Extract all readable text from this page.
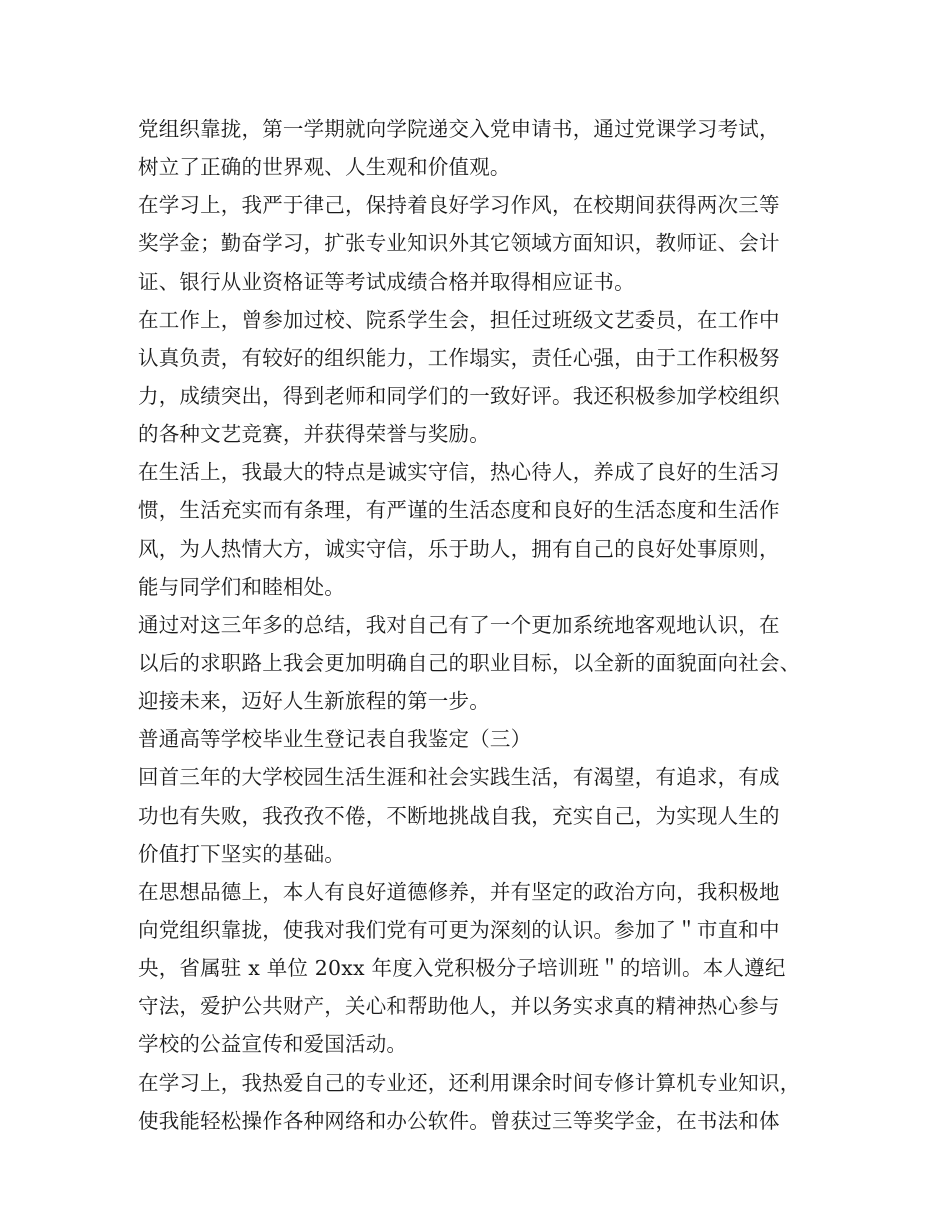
党组织靠拢，第一学期就向学院递交入党申请书，通过党课学习考试，
树立了正确的世界观、人生观和价值观。
在学习上，我严于律己，保持着良好学习作风，在校期间获得两次三等
奖学金；勤奋学习，扩张专业知识外其它领域方面知识，教师证、会计
证、银行从业资格证等考试成绩合格并取得相应证书。
在工作上，曾参加过校、院系学生会，担任过班级文艺委员，在工作中
认真负责，有较好的组织能力，工作塌实，责任心强，由于工作积极努
力，成绩突出，得到老师和同学们的一致好评。我还积极参加学校组织
的各种文艺竞赛，并获得荣誉与奖励。
在生活上，我最大的特点是诚实守信，热心待人，养成了良好的生活习
惯，生活充实而有条理，有严谨的生活态度和良好的生活态度和生活作
风，为人热情大方，诚实守信，乐于助人，拥有自己的良好处事原则，
能与同学们和睦相处。
通过对这三年多的总结，我对自己有了一个更加系统地客观地认识，在
以后的求职路上我会更加明确自己的职业目标，以全新的面貌面向社会、
迎接未来，迈好人生新旅程的第一步。
普通高等学校毕业生登记表自我鉴定（三）
回首三年的大学校园生活生涯和社会实践生活，有渴望，有追求，有成
功也有失败，我孜孜不倦，不断地挑战自我，充实自己，为实现人生的
价值打下坚实的基础。
在思想品德上，本人有良好道德修养，并有坚定的政治方向，我积极地
向党组织靠拢，使我对我们党有可更为深刻的认识。参加了＂市直和中
央，省属驻 x 单位 20xx 年度入党积极分子培训班＂的培训。本人遵纪
守法，爱护公共财产，关心和帮助他人，并以务实求真的精神热心参与
学校的公益宣传和爱国活动。
在学习上，我热爱自己的专业还，还利用课余时间专修计算机专业知识，
使我能轻松操作各种网络和办公软件。曾获过三等奖学金，在书法和体
